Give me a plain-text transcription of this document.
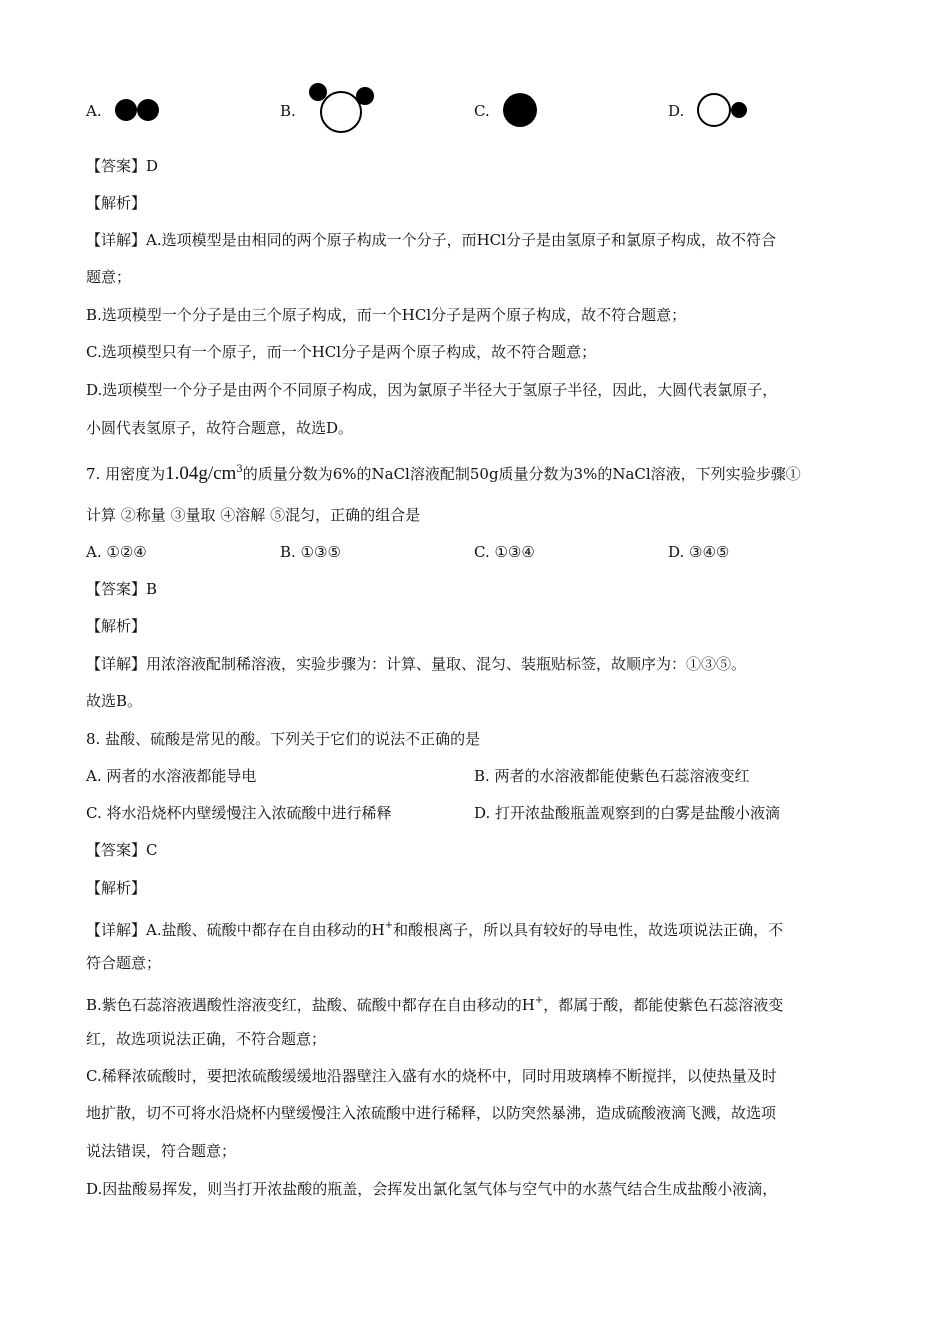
A.	B.	C.	D.
【答案】D
【解析】
【详解】A.选项模型是由相同的两个原子构成一个分子，而HCl分子是由氢原子和氯原子构成，故不符合
题意；
B.选项模型一个分子是由三个原子构成，而一个HCl分子是两个原子构成，故不符合题意；
C.选项模型只有一个原子，而一个HCl分子是两个原子构成，故不符合题意；
D.选项模型一个分子是由两个不同原子构成，因为氯原子半径大于氢原子半径，因此，大圆代表氯原子，
小圆代表氢原子，故符合题意，故选D。
7. 用密度为$1.04g/cm^3$的质量分数为6%的NaCl溶液配制50g质量分数为3%的NaCl溶液，下列实验步骤①
计算 ②称量 ③量取 ④溶解 ⑤混匀，正确的组合是
A. ①②④	B. ①③⑤	C. ①③④	D. ③④⑤
【答案】B
【解析】
【详解】用浓溶液配制稀溶液，实验步骤为：计算、量取、混匀、装瓶贴标签，故顺序为：①③⑤。
故选B。
8. 盐酸、硫酸是常见的酸。下列关于它们的说法不正确的是
A. 两者的水溶液都能导电	B. 两者的水溶液都能使紫色石蕊溶液变红
C. 将水沿烧杯内壁缓慢注入浓硫酸中进行稀释	D. 打开浓盐酸瓶盖观察到的白雾是盐酸小液滴
【答案】C
【解析】
【详解】A.盐酸、硫酸中都存在自由移动的H+和酸根离子，所以具有较好的导电性，故选项说法正确，不
符合题意；
B.紫色石蕊溶液遇酸性溶液变红，盐酸、硫酸中都存在自由移动的H+，都属于酸，都能使紫色石蕊溶液变
红，故选项说法正确，不符合题意；
C.稀释浓硫酸时，要把浓硫酸缓缓地沿器壁注入盛有水的烧杯中，同时用玻璃棒不断搅拌，以使热量及时
地扩散，切不可将水沿烧杯内壁缓慢注入浓硫酸中进行稀释，以防突然暴沸，造成硫酸液滴飞溅，故选项
说法错误，符合题意；
D.因盐酸易挥发，则当打开浓盐酸的瓶盖，会挥发出氯化氢气体与空气中的水蒸气结合生成盐酸小液滴，
